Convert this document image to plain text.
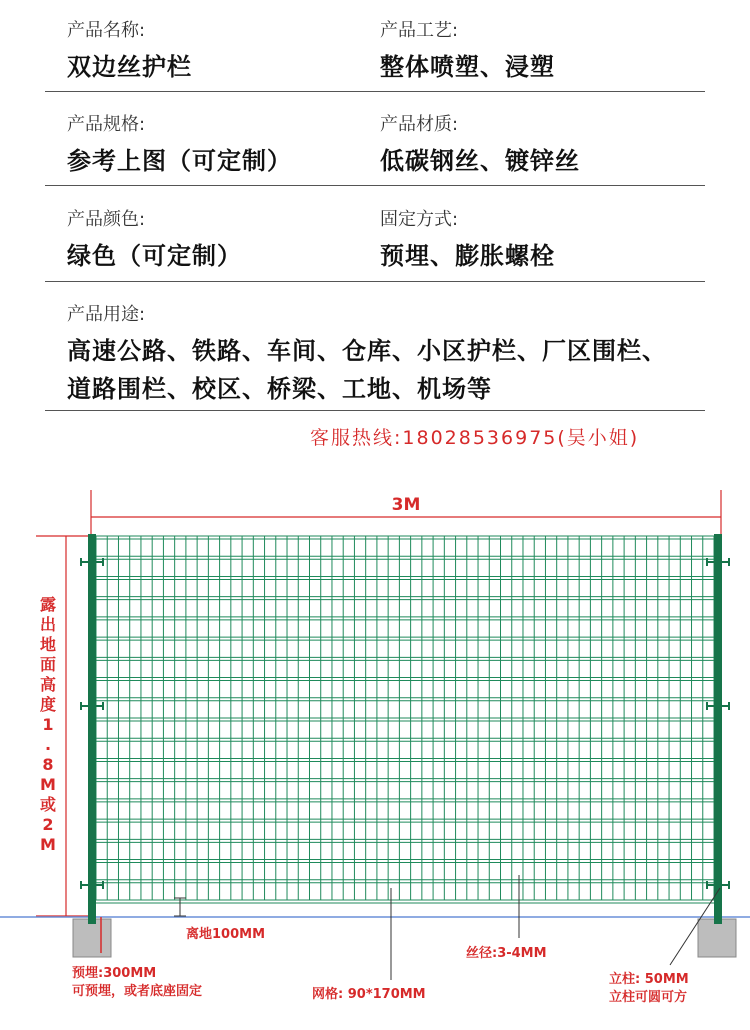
产品名称:
双边丝护栏
产品工艺:
整体喷塑、浸塑
产品规格:
参考上图（可定制）
产品材质:
低碳钢丝、镀锌丝
产品颜色:
绿色（可定制）
固定方式:
预埋、膨胀螺栓
产品用途:
高速公路、铁路、车间、仓库、小区护栏、厂区围栏、
道路围栏、校区、桥梁、工地、机场等
客服热线:18028536975(吴小姐)
3M
露
出
地
面
高
度
1
.
8
M
或
2
M
离地100MM
丝径:3-4MM
网格: 90*170MM
预埋:300MM
可预埋，或者底座固定
立柱: 50MM
立柱可圆可方
